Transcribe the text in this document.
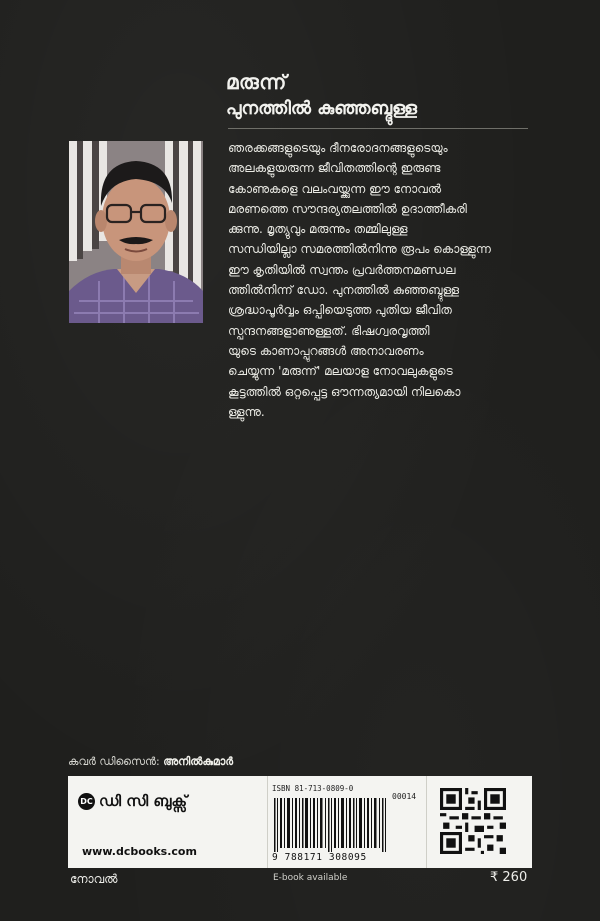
മരുന്ന്
പുനത്തിൽ കുഞ്ഞബ്ദുള്ള
ഞരക്കങ്ങളുടെയും ദീനരോദനങ്ങളുടെയും
അലകളുയരുന്ന ജീവിതത്തിന്റെ ഇരുണ്ട
കോണുകളെ വലംവയ്ക്കുന്ന ഈ നോവൽ
മരണത്തെ സൗന്ദര്യതലത്തിൽ ഉദാത്തീകരി
ക്കുന്നു. മൃത്യുവും മരുന്നും തമ്മിലുള്ള
സന്ധിയില്ലാ സമരത്തിൽനിന്നു രൂപം കൊള്ളുന്ന
ഈ കൃതിയിൽ സ്വന്തം പ്രവർത്തനമണ്ഡല
ത്തിൽനിന്ന് ഡോ. പുനത്തിൽ കുഞ്ഞബ്ദുള്ള
ശ്രദ്ധാപൂർവ്വം ഒപ്പിയെടുത്ത പുതിയ ജീവിത
സ്പന്ദനങ്ങളാണുള്ളത്. ഭിഷഗ്വരവൃത്തി
യുടെ കാണാപ്പുറങ്ങൾ അനാവരണം
ചെയ്യുന്ന 'മരുന്ന്' മലയാള നോവലുകളുടെ
കൂട്ടത്തിൽ ഒറ്റപ്പെട്ട ഔന്നത്യമായി നിലകൊ
ള്ളുന്നു.
കവർ ഡിസൈൻ: അനിൽകുമാർ
DC ഡി സി ബുക്സ്
www.dcbooks.com
ISBN 81-713-0809-0
00014
9 788171 308095
നോവൽ	E-book available	₹ 260
